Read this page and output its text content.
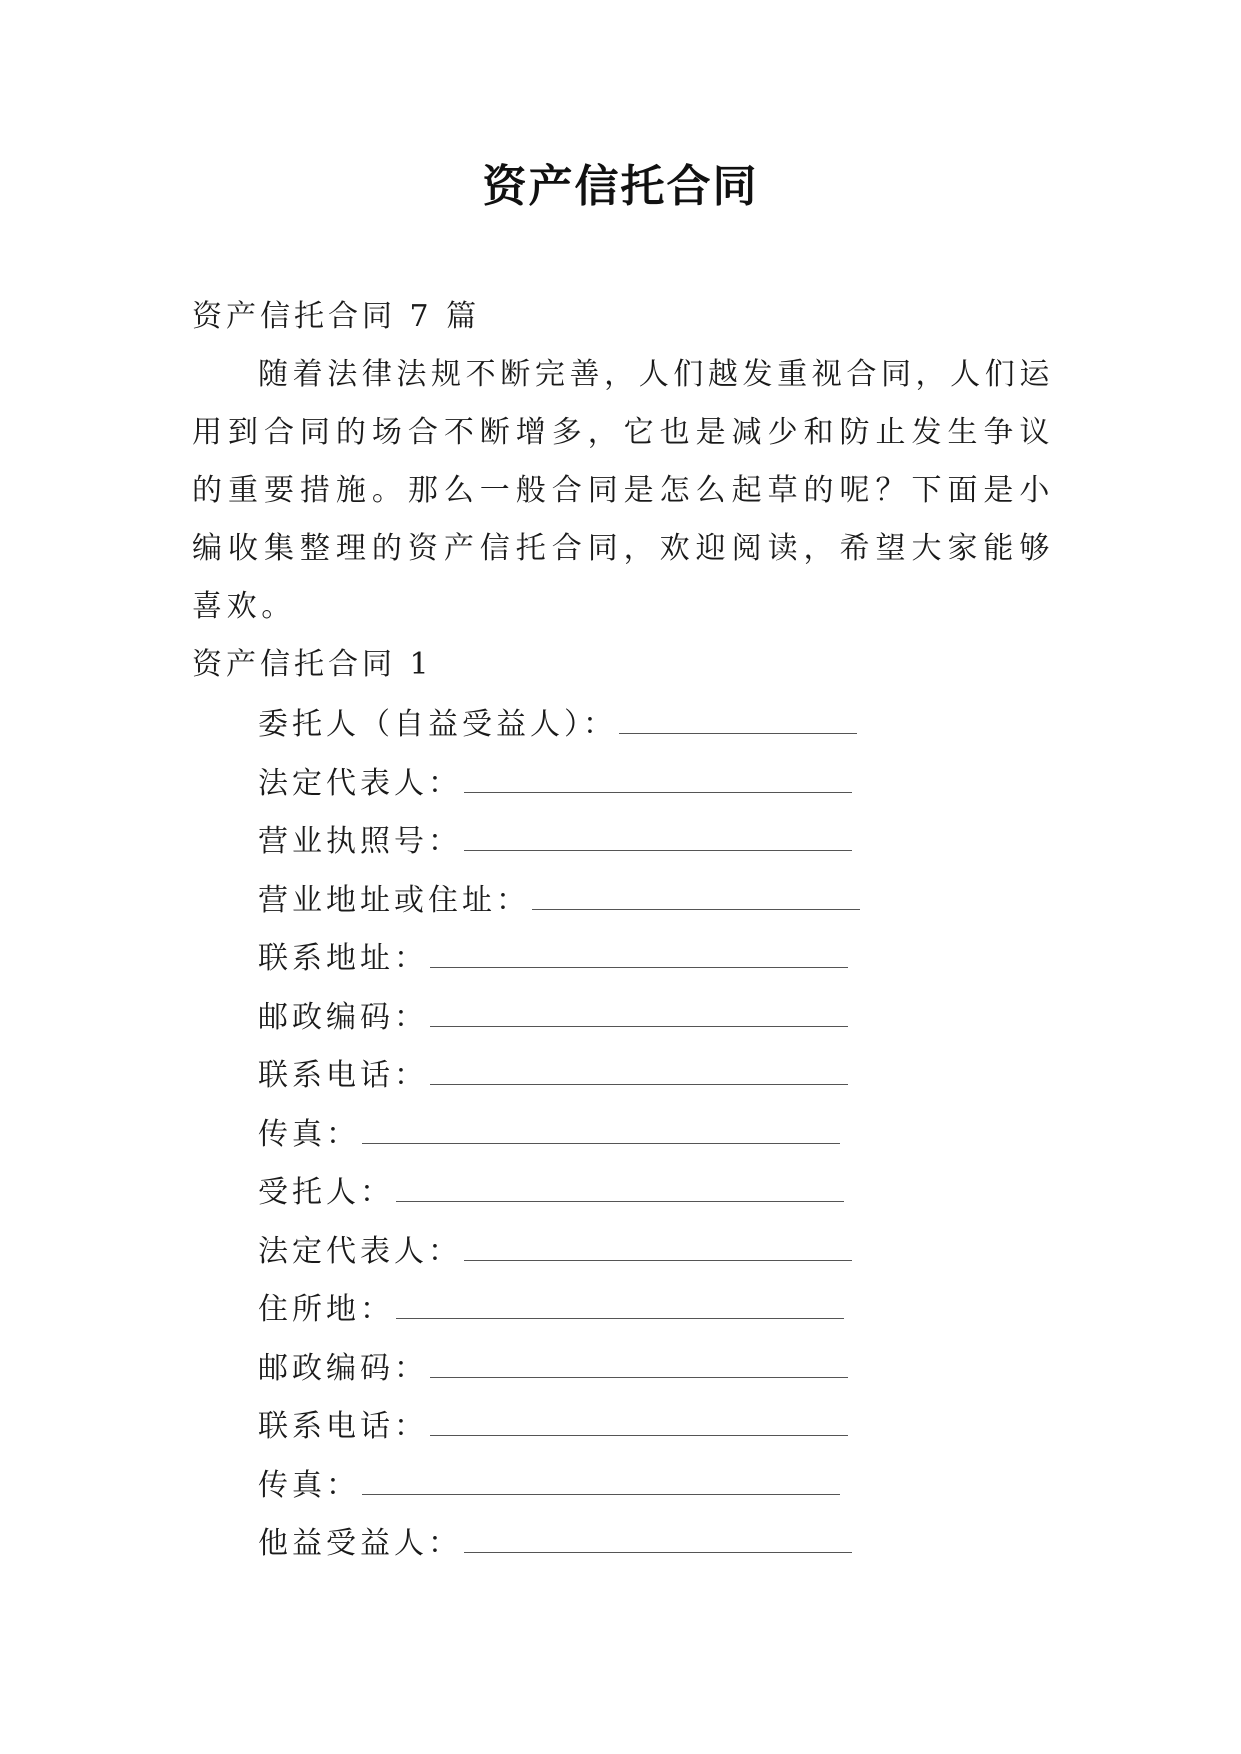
资产信托合同
资产信托合同 7 篇
随着法律法规不断完善，人们越发重视合同，人们运用到合同的场合不断增多，它也是减少和防止发生争议的重要措施。那么一般合同是怎么起草的呢？下面是小编收集整理的资产信托合同，欢迎阅读，希望大家能够喜欢。
资产信托合同 1
委托人（自益受益人）：
法定代表人：
营业执照号：
营业地址或住址：
联系地址：
邮政编码：
联系电话：
传真：
受托人：
法定代表人：
住所地：
邮政编码：
联系电话：
传真：
他益受益人：
